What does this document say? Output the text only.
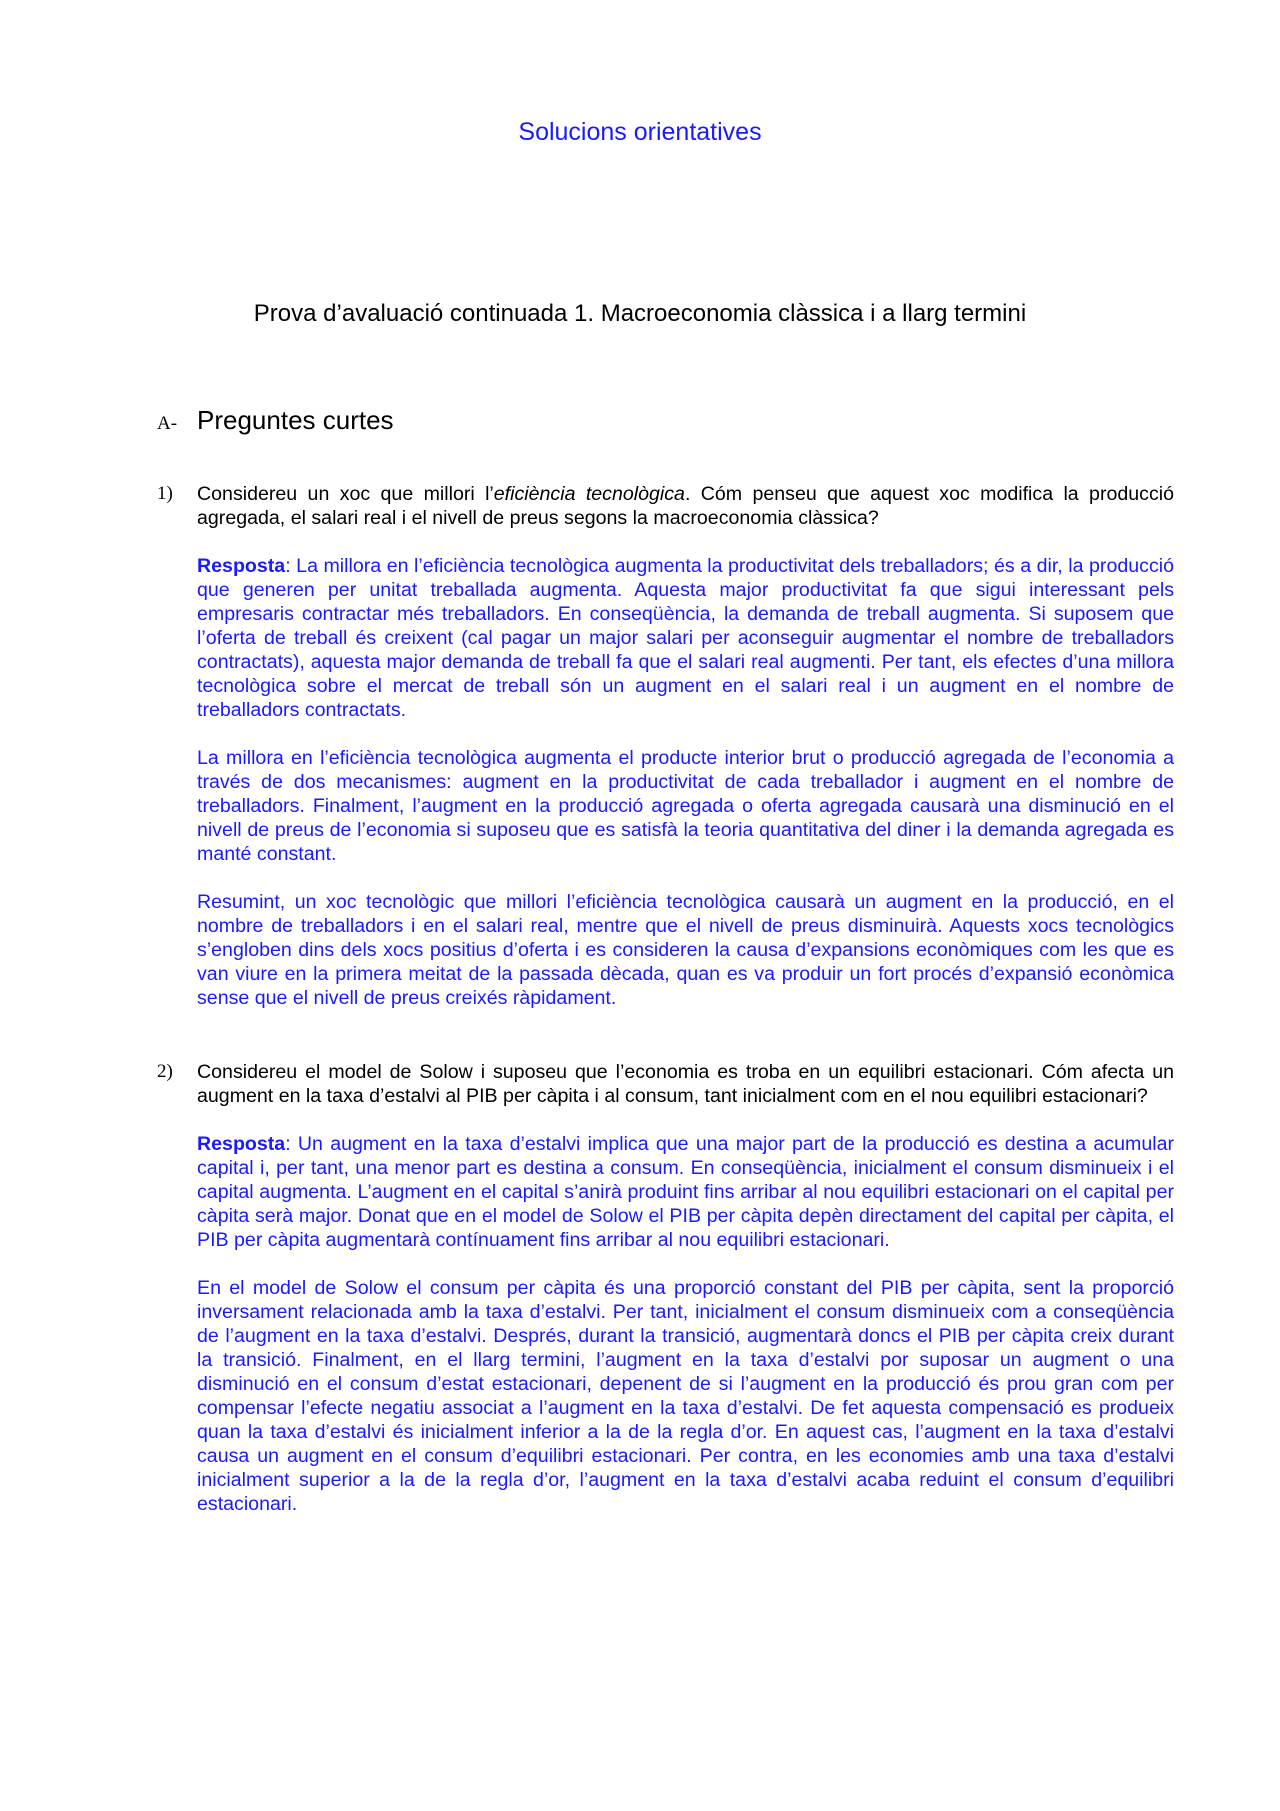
Solucions orientatives
Prova d’avaluació continuada 1. Macroeconomia clàssica i a llarg termini
A- Preguntes curtes
1) Considereu un xoc que millori l’eficiència tecnològica. Cóm penseu que aquest xoc modifica la producció agregada, el salari real i el nivell de preus segons la macroeconomia clàssica?

Resposta: La millora en l’eficiència tecnològica augmenta la productivitat dels treballadors; és a dir, la producció que generen per unitat treballada augmenta. Aquesta major productivitat fa que sigui interessant pels empresaris contractar més treballadors. En conseqüència, la demanda de treball augmenta. Si suposem que l’oferta de treball és creixent (cal pagar un major salari per aconseguir augmentar el nombre de treballadors contractats), aquesta major demanda de treball fa que el salari real augmenti. Per tant, els efectes d’una millora tecnològica sobre el mercat de treball són un augment en el salari real i un augment en el nombre de treballadors contractats.

La millora en l’eficiència tecnològica augmenta el producte interior brut o producció agregada de l’economia a través de dos mecanismes: augment en la productivitat de cada treballador i augment en el nombre de treballadors. Finalment, l’augment en la producció agregada o oferta agregada causarà una disminució en el nivell de preus de l’economia si suposeu que es satisfà la teoria quantitativa del diner i la demanda agregada es manté constant.

Resumint, un xoc tecnològic que millori l’eficiència tecnològica causarà un augment en la producció, en el nombre de treballadors i en el salari real, mentre que el nivell de preus disminuirà. Aquests xocs tecnològics s’engloben dins dels xocs positius d’oferta i es consideren la causa d’expansions econòmiques com les que es van viure en la primera meitat de la passada dècada, quan es va produir un fort procés d’expansió econòmica sense que el nivell de preus creixés ràpidament.

2) Considereu el model de Solow i suposeu que l’economia es troba en un equilibri estacionari. Cóm afecta un augment en la taxa d’estalvi al PIB per càpita i al consum, tant inicialment com en el nou equilibri estacionari?

Resposta: Un augment en la taxa d’estalvi implica que una major part de la producció es destina a acumular capital i, per tant, una menor part es destina a consum. En conseqüència, inicialment el consum disminueix i el capital augmenta. L’augment en el capital s’anirà produint fins arribar al nou equilibri estacionari on el capital per càpita serà major. Donat que en el model de Solow el PIB per càpita depèn directament del capital per càpita, el PIB per càpita augmentarà contínuament fins arribar al nou equilibri estacionari.

En el model de Solow el consum per càpita és una proporció constant del PIB per càpita, sent la proporció inversament relacionada amb la taxa d’estalvi. Per tant, inicialment el consum disminueix com a conseqüència de l’augment en la taxa d’estalvi. Després, durant la transició, augmentarà doncs el PIB per càpita creix durant la transició. Finalment, en el llarg termini, l’augment en la taxa d’estalvi por suposar un augment o una disminució en el consum d’estat estacionari, depenent de si l’augment en la producció és prou gran com per compensar l’efecte negatiu associat a l’augment en la taxa d’estalvi. De fet aquesta compensació es produeix quan la taxa d’estalvi és inicialment inferior a la de la regla d’or. En aquest cas, l’augment en la taxa d’estalvi causa un augment en el consum d’equilibri estacionari. Per contra, en les economies amb una taxa d’estalvi inicialment superior a la de la regla d’or, l’augment en la taxa d’estalvi acaba reduint el consum d’equilibri estacionari.
